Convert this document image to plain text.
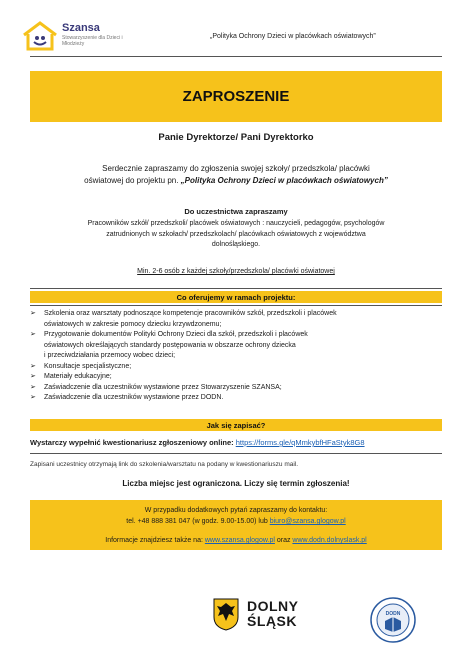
Szansa
Stowarzyszenie dla Dzieci i Młodzieży
„Polityka Ochrony Dzieci w placówkach oświatowych”
ZAPROSZENIE
Panie Dyrektorze/ Pani Dyrektorko
Serdecznie zapraszamy do zgłoszenia swojej szkoły/ przedszkola/ placówki
oświatowej do projektu pn. „Polityka Ochrony Dzieci w placówkach oświatowych”
Do uczestnictwa zapraszamy
Pracowników szkół/ przedszkoli/ placówek oświatowych : nauczycieli, pedagogów, psychologów
zatrudnionych w szkołach/ przedszkolach/ placówkach oświatowych z województwa
dolnośląskiego.
Min. 2-6 osób z każdej szkoły/przedszkola/ placówki oświatowej
Co oferujemy w ramach projektu:
➢ Szkolenia oraz warsztaty podnoszące kompetencje pracowników szkół, przedszkoli i placówek
oświatowych w zakresie pomocy dziecku krzywdzonemu;
➢ Przygotowanie dokumentów Polityki Ochrony Dzieci dla szkół, przedszkoli i placówek
oświatowych określających standardy postępowania w obszarze ochrony dziecka
i przeciwdziałania przemocy wobec dzieci;
➢ Konsultacje specjalistyczne;
➢ Materiały edukacyjne;
➢ Zaświadczenie dla uczestników wystawione przez Stowarzyszenie SZANSA;
➢ Zaświadczenie dla uczestników wystawione przez DODN.
Jak się zapisać?
Wystarczy wypełnić kwestionariusz zgłoszeniowy online: https://forms.gle/qMmkybfHFaStyk8G8
Zapisani uczestnicy otrzymają link do szkolenia/warsztatu na podany w kwestionariuszu mail.
Liczba miejsc jest ograniczona. Liczy się termin zgłoszenia!
W przypadku dodatkowych pytań zapraszamy do kontaktu:
tel. +48 888 381 047 (w godz. 9.00-15.00) lub biuro@szansa.glogow.pl
Informacje znajdziesz także na: www.szansa.glogow.pl oraz www.dodn.dolnyslask.pl
DOLNY
ŚLĄSK	DODN
